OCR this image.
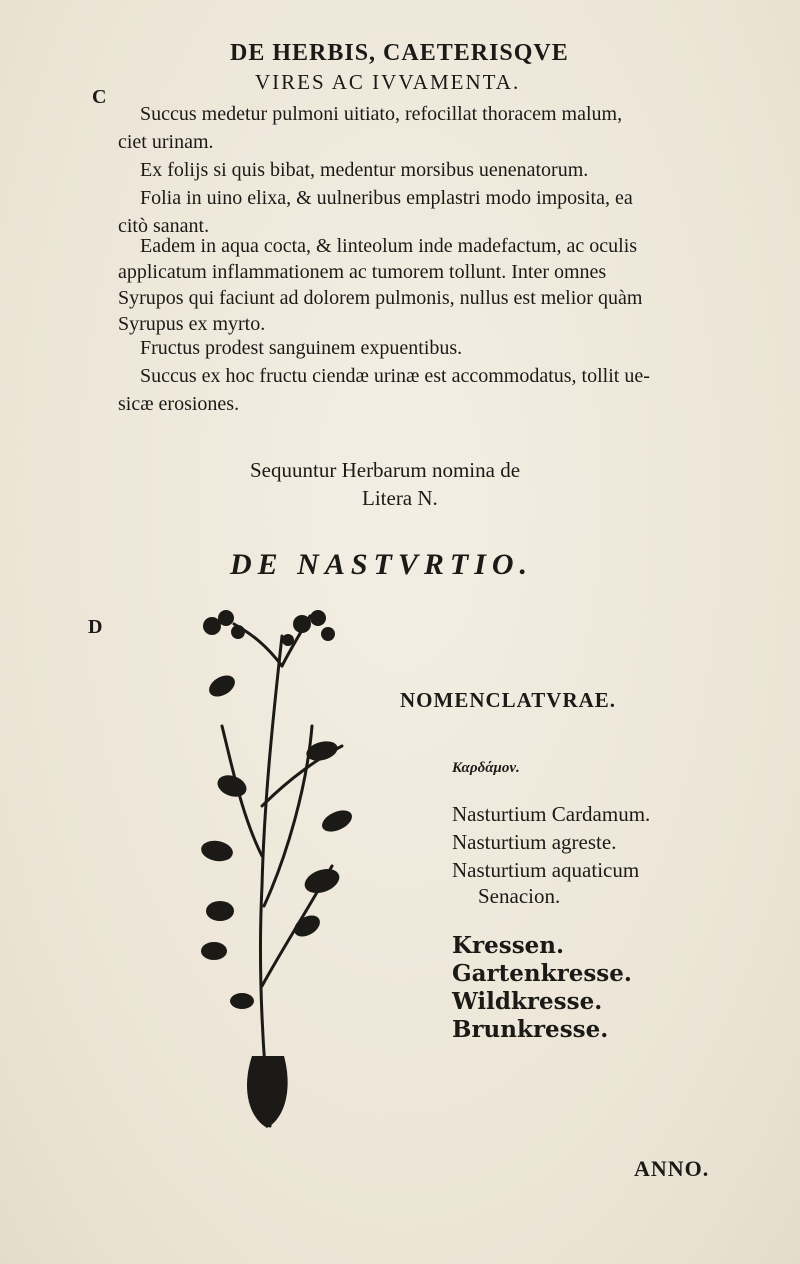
DE HERBIS, CAETERISQVE
C
VIRES AC IVVAMENTA.
Succus medetur pulmoni uitiato, refocillat thoracem malum,
ciet urinam.
Ex folijs si quis bibat, medentur morsibus uenenatorum.
Folia in uino elixa, & uulneribus emplastri modo imposita, ea
citò sanant.
Eadem in aqua cocta, & linteolum inde madefactum, ac oculis
applicatum inflammationem ac tumorem tollunt. Inter omnes
Syrupos qui faciunt ad dolorem pulmonis, nullus est melior quàm
Syrupus ex myrto.
Fructus prodest sanguinem expuentibus.
Succus ex hoc fructu ciendæ urinæ est accommodatus, tollit ue-
sicæ erosiones.
Sequuntur Herbarum nomina de
Litera N.
DE NASTVRTIO.
D
NOMENCLATVRAE.
Καρδάμον.
Nasturtium Cardamum.
Nasturtium agreste.
Nasturtium aquaticum
Senacion.
Kressen.
Gartenkresse.
Wildkresse.
Brunkresse.
ANNO.
